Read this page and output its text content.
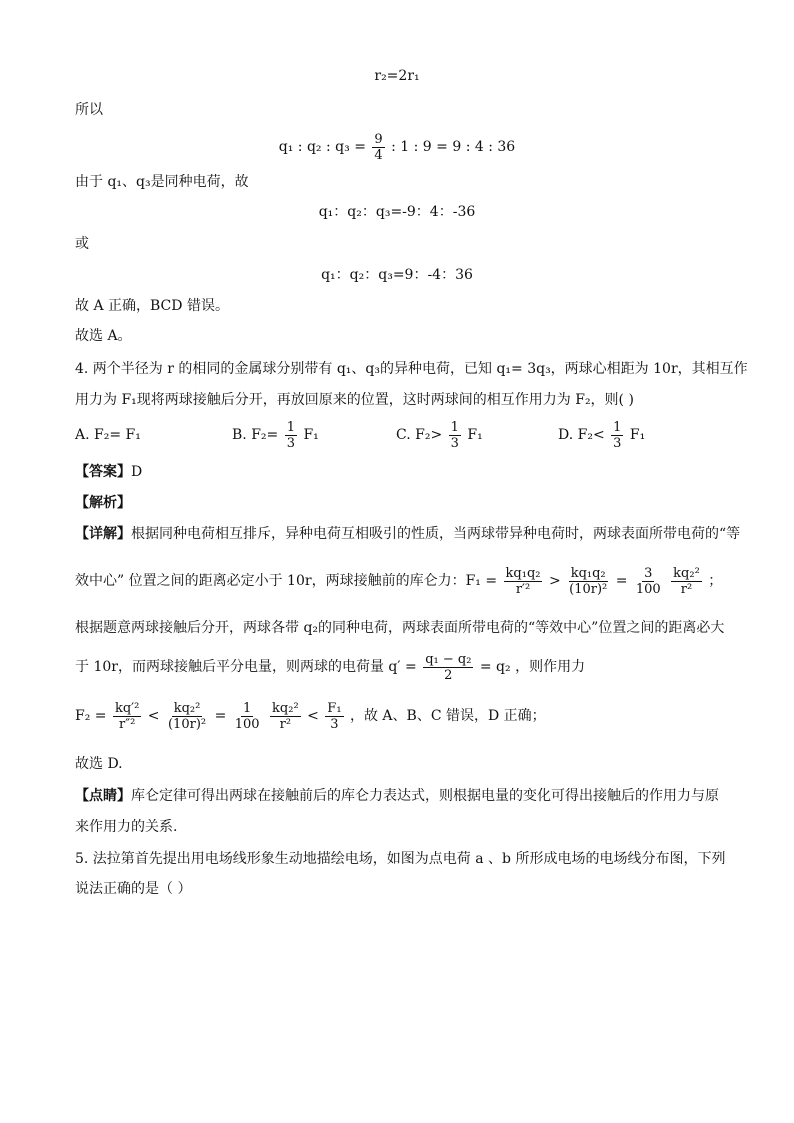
r₂=2r₁
所以
q₁ : q₂ : $q_3 = \frac{9}{4}$ : 1 : 9 = 9 : 4 : 36
由于 q₁、q₃是同种电荷，故
q₁：q₂：q₃=-9：4：-36
或
q₁：q₂：q₃=9：-4：36
故 A 正确，BCD 错误。
故选 A。
4. 两个半径为 r 的相同的金属球分别带有 q₁、q₃的异种电荷，已知 q₁= 3q₃，两球心相距为 10r，其相互作
用力为 F₁现将两球接触后分开，再放回原来的位置，这时两球间的相互作用力为 F₂，则( )
A. F₂= F₁	B. $F_2= \frac{1}{3} F_1$	C. $F_2> \frac{1}{3} F_1$	D. $F_2< \frac{1}{3} F_1$
【答案】D
【解析】
【详解】根据同种电荷相互排斥，异种电荷互相吸引的性质，当两球带异种电荷时，两球表面所带电荷的“等
效中心” 位置之间的距离必定小于 10r，两球接触前的库仑力：$F_1 = \frac{\text{kq₁q₂}}{\text{r′²}} > \frac{\text{kq₁q₂}}{\text{(10r)²}} = \frac{3}{100}$
$\frac{\text{kq₂²}}{\text{r²}}$ ；
根据题意两球接触后分开，两球各带 q₂的同种电荷，两球表面所带电荷的“等效中心”位置之间的距离必大
于 10r，而两球接触后平分电量，则两球的电荷量 $q' = \frac{\text{q₁ − q₂}}{2} = q_2$ ，则作用力
$F_2 = \frac{\text{kq′²}}{\text{r″²}} < \frac{\text{kq₂²}}{\text{(10r)²}} = \frac{1}{100}$
$\frac{\text{kq₂²}}{\text{r²}} < \frac{\text{F₁}}{3}$ ，故 A、B、C 错误，D 正确；
故选 D.
【点睛】库仑定律可得出两球在接触前后的库仑力表达式，则根据电量的变化可得出接触后的作用力与原
来作用力的关系.
5. 法拉第首先提出用电场线形象生动地描绘电场，如图为点电荷 a 、b 所形成电场的电场线分布图，下列
说法正确的是（ ）
